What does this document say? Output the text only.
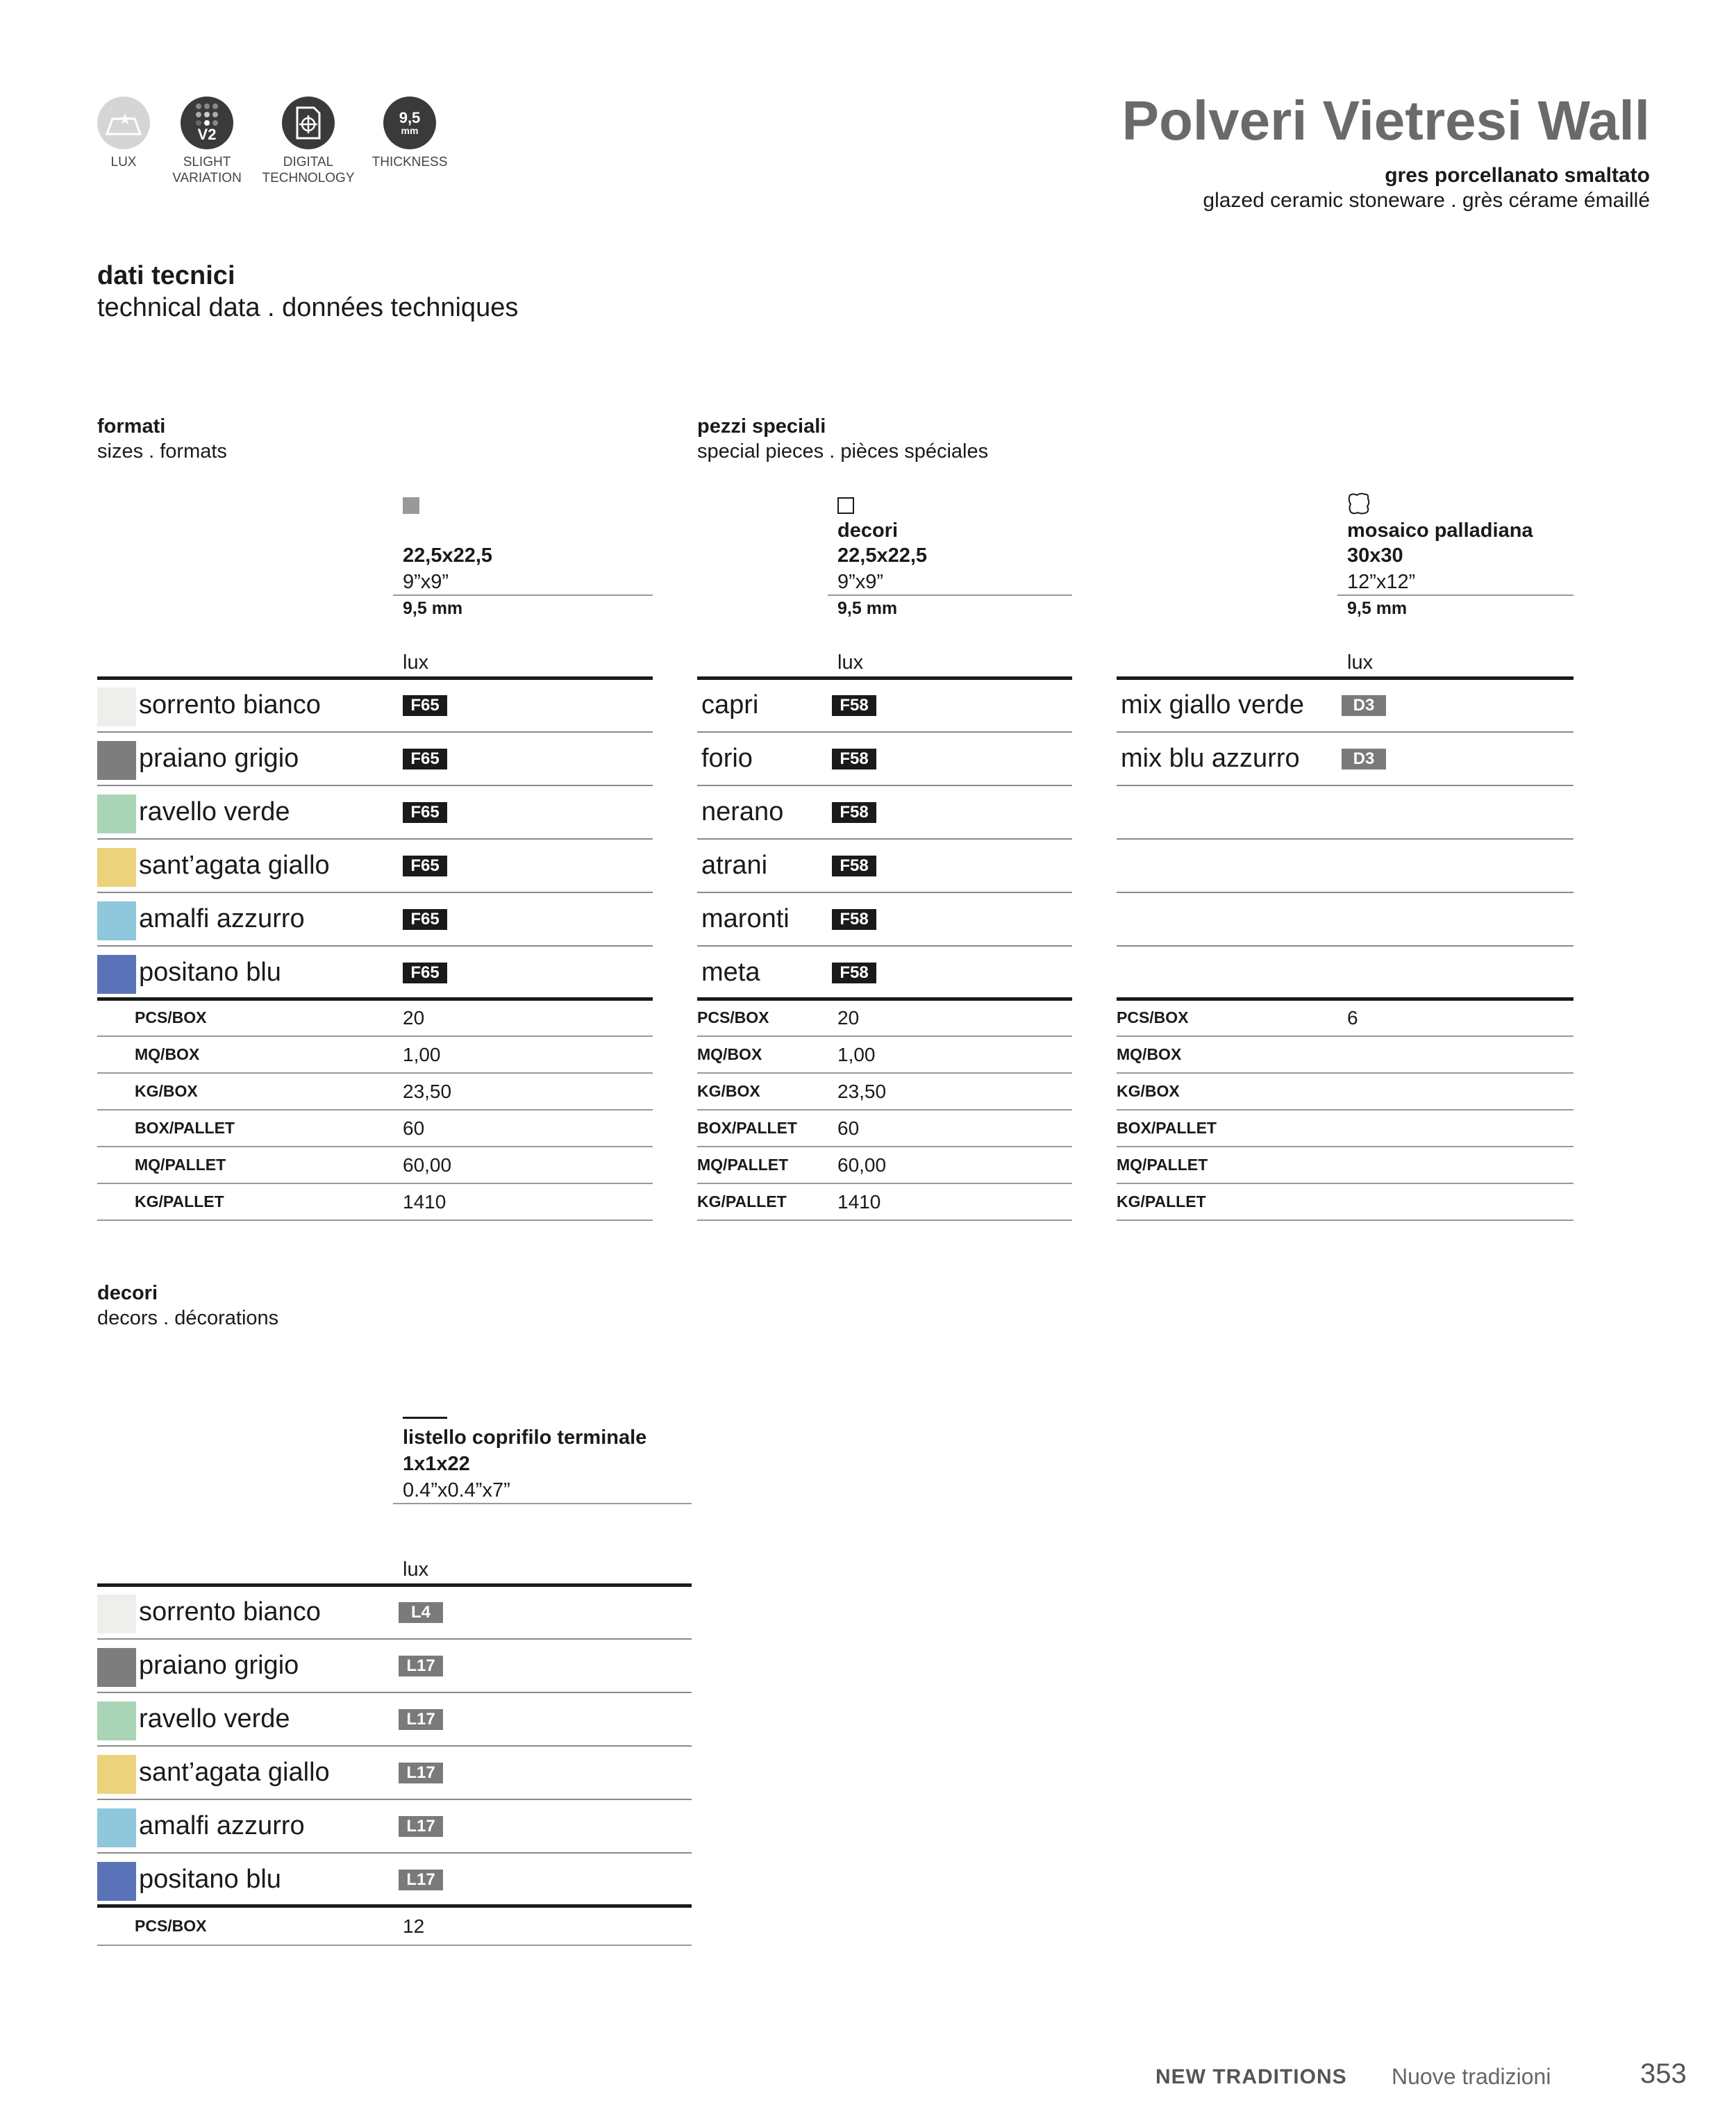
LUX
V2
SLIGHT
VARIATION
DIGITAL
TECHNOLOGY
9,5
mm
THICKNESS
Polveri Vietresi Wall
gres porcellanato smaltato
glazed ceramic stoneware . grès cérame émaillé
dati tecnici
technical data . données techniques
formati
sizes . formats
22,5x22,5
9”x9”
9,5 mm
lux
sorrento bianco	F65
praiano grigio	F65
ravello verde	F65
sant’agata giallo	F65
amalfi azzurro	F65
positano blu	F65
PCS/BOX	20
MQ/BOX	1,00
KG/BOX	23,50
BOX/PALLET	60
MQ/PALLET	60,00
KG/PALLET	1410
pezzi speciali
special pieces . pièces spéciales
decori
22,5x22,5
9”x9”
9,5 mm
lux
capri	F58
forio	F58
nerano	F58
atrani	F58
maronti	F58
meta	F58
PCS/BOX	20
MQ/BOX	1,00
KG/BOX	23,50
BOX/PALLET 60
MQ/PALLET	60,00
KG/PALLET	1410
mosaico palladiana
30x30
12”x12”
9,5 mm
lux
mix giallo verde	D3
mix blu azzurro	D3
PCS/BOX	6
MQ/BOX
KG/BOX
BOX/PALLET
MQ/PALLET
KG/PALLET
decori
decors . décorations
listello coprifilo terminale
1x1x22
0.4”x0.4”x7”
lux
sorrento bianco	L4
praiano grigio	L17
ravello verde	L17
sant’agata giallo	L17
amalfi azzurro	L17
positano blu	L17
PCS/BOX	12
NEW TRADITIONS Nuove tradizioni	353
